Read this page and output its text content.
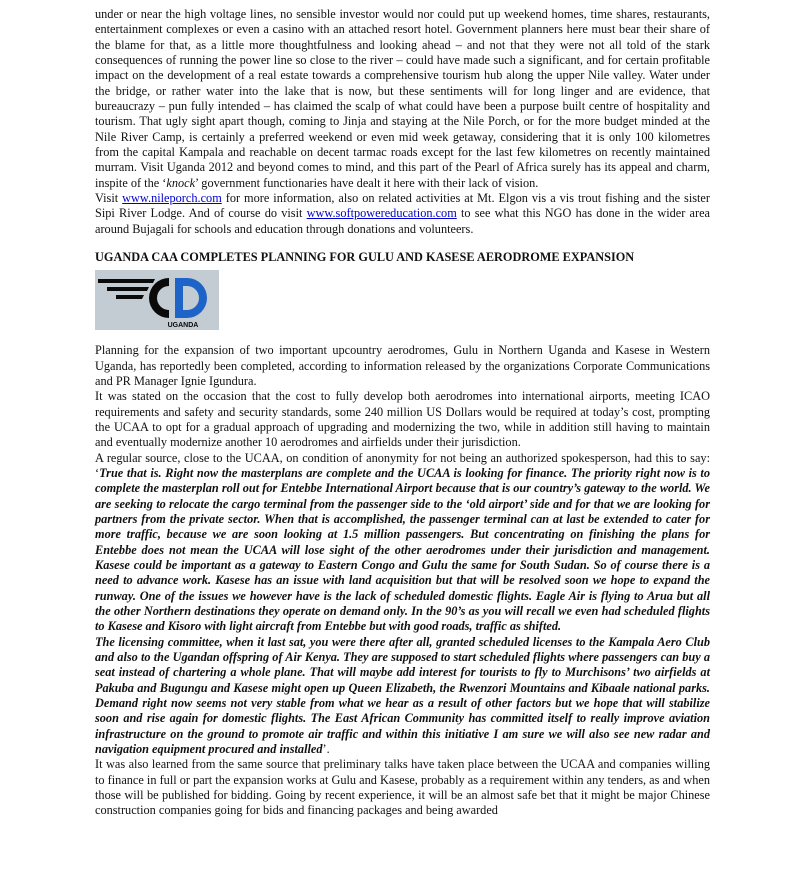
under or near the high voltage lines, no sensible investor would nor could put up weekend homes, time shares, restaurants, entertainment complexes or even a casino with an attached resort hotel. Government planners here must bear their share of the blame for that, as a little more thoughtfulness and looking ahead – and not that they were not all told of the stark consequences of running the power line so close to the river – could have made such a significant, and for certain profitable impact on the development of a real estate towards a comprehensive tourism hub along the upper Nile valley. Water under the bridge, or rather water into the lake that is now, but these sentiments will for long linger and are evidence, that bureaucrazy – pun fully intended – has claimed the scalp of what could have been a purpose built centre of hospitality and tourism. That ugly sight apart though, coming to Jinja and staying at the Nile Porch, or for the more budget minded at the Nile River Camp, is certainly a preferred weekend or even mid week getaway, considering that it is only 100 kilometres from the capital Kampala and reachable on decent tarmac roads except for the last few kilometres on recently maintained murram. Visit Uganda 2012 and beyond comes to mind, and this part of the Pearl of Africa surely has its appeal and charm, inspite of the ‘knock’ government functionaries have dealt it here with their lack of vision.

Visit www.nileporch.com for more information, also on related activities at Mt. Elgon vis a vis trout fishing and the sister Sipi River Lodge. And of course do visit www.softpowereducation.com to see what this NGO has done in the wider area around Bujagali for schools and education through donations and volunteers.

UGANDA CAA COMPLETES PLANNING FOR GULU AND KASESE AERODROME EXPANSION
UGANDA

Planning for the expansion of two important upcountry aerodromes, Gulu in Northern Uganda and Kasese in Western Uganda, has reportedly been completed, according to information released by the organizations Corporate Communications and PR Manager Ignie Igundura.

It was stated on the occasion that the cost to fully develop both aerodromes into international airports, meeting ICAO requirements and safety and security standards, some 240 million US Dollars would be required at today’s cost, prompting the UCAA to opt for a gradual approach of upgrading and modernizing the two, while in addition still having to maintain and eventually modernize another 10 aerodromes and airfields under their jurisdiction.

A regular source, close to the UCAA, on condition of anonymity for not being an authorized spokesperson, had this to say: ‘True that is. Right now the masterplans are complete and the UCAA is looking for finance. The priority right now is to complete the masterplan roll out for Entebbe International Airport because that is our country’s gateway to the world. We are seeking to relocate the cargo terminal from the passenger side to the ‘old airport’ side and for that we are looking for partners from the private sector. When that is accomplished, the passenger terminal can at last be extended to cater for more traffic, because we are soon looking at 1.5 million passengers. But concentrating on finishing the plans for Entebbe does not mean the UCAA will lose sight of the other aerodromes under their jurisdiction and management. Kasese could be important as a gateway to Eastern Congo and Gulu the same for South Sudan. So of course there is a need to advance work. Kasese has an issue with land acquisition but that will be resolved soon we hope to expand the runway. One of the issues we however have is the lack of scheduled domestic flights. Eagle Air is flying to Arua but all the other Northern destinations they operate on demand only. In the 90’s as you will recall we even had scheduled flights to Kasese and Kisoro with light aircraft from Entebbe but with good roads, traffic as shifted.

The licensing committee, when it last sat, you were there after all, granted scheduled licenses to the Kampala Aero Club and also to the Ugandan offspring of Air Kenya. They are supposed to start scheduled flights where passengers can buy a seat instead of chartering a whole plane. That will maybe add interest for tourists to fly to Murchisons’ two airfields at Pakuba and Bugungu and Kasese might open up Queen Elizabeth, the Rwenzori Mountains and Kibaale national parks. Demand right now seems not very stable from what we hear as a result of other factors but we hope that will stabilize soon and rise again for domestic flights. The East African Community has committed itself to really improve aviation infrastructure on the ground to promote air traffic and within this initiative I am sure we will also see new radar and navigation equipment procured and installed’.

It was also learned from the same source that preliminary talks have taken place between the UCAA and companies willing to finance in full or part the expansion works at Gulu and Kasese, probably as a requirement within any tenders, as and when those will be published for bidding. Going by recent experience, it will be an almost safe bet that it might be major Chinese construction companies going for bids and financing packages and being awarded
